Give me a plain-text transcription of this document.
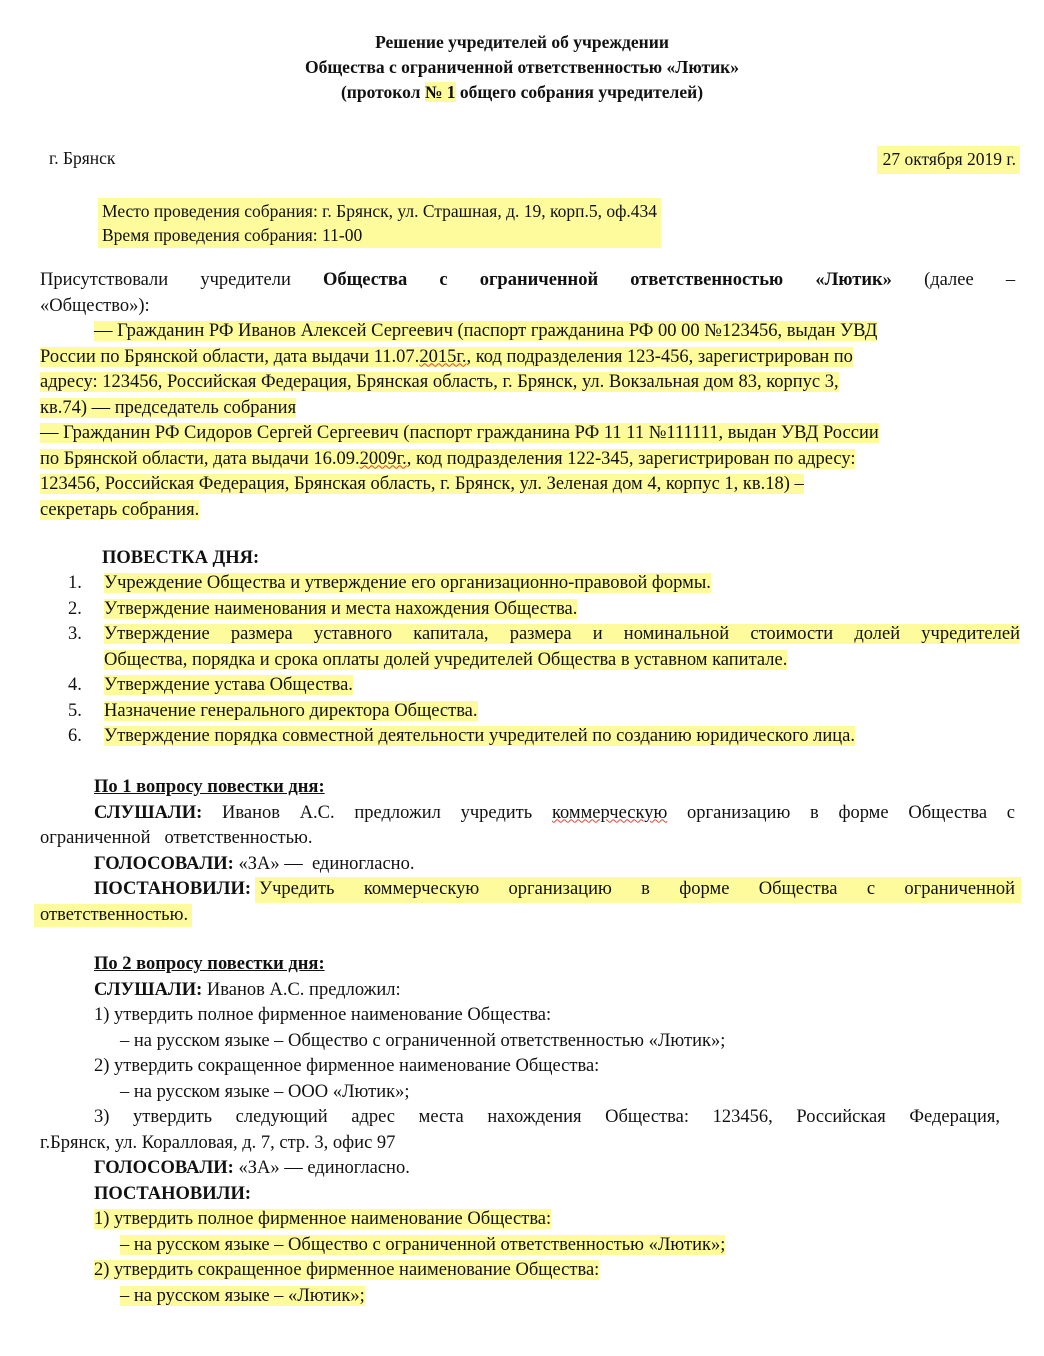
Решение учредителей об учреждении
Общества с ограниченной ответственностью «Лютик»
(протокол № 1 общего собрания учредителей)
г. Брянск	27 октября 2019 г.
Место проведения собрания: г. Брянск, ул. Страшная, д. 19, корп.5, оф.434
Время проведения собрания: 11-00
Присутствовали учредители Общества с ограниченной ответственностью «Лютик» (далее –
«Общество»):
— Гражданин РФ Иванов Алексей Сергеевич (паспорт гражданина РФ 00 00 №123456, выдан УВД
России по Брянской области, дата выдачи 11.07.2015г., код подразделения 123-456, зарегистрирован по
адресу: 123456, Российская Федерация, Брянская область, г. Брянск, ул. Вокзальная дом 83, корпус 3,
кв.74) — председатель собрания
— Гражданин РФ Сидоров Сергей Сергеевич (паспорт гражданина РФ 11 11 №111111, выдан УВД России
по Брянской области, дата выдачи 16.09.2009г., код подразделения 122-345, зарегистрирован по адресу:
123456, Российская Федерация, Брянская область, г. Брянск, ул. Зеленая дом 4, корпус 1, кв.18) –
секретарь собрания.
ПОВЕСТКА ДНЯ:
1.	Учреждение Общества и утверждение его организационно-правовой формы.
2.	Утверждение наименования и места нахождения Общества.
3.	Утверждение размера уставного капитала, размера и номинальной стоимости долей учредителей
Общества, порядка и срока оплаты долей учредителей Общества в уставном капитале.
4.	Утверждение устава Общества.
5.	Назначение генерального директора Общества.
6.	Утверждение порядка совместной деятельности учредителей по созданию юридического лица.
По 1 вопросу повестки дня:
СЛУШАЛИ: Иванов А.С. предложил учредить коммерческую организацию в форме Общества с
ограниченной   ответственностью.
ГОЛОСОВАЛИ: «ЗА» —  единогласно.
ПОСТАНОВИЛИ: Учредить коммерческую организацию в форме Общества с ограниченной
ответственностью.
По 2 вопросу повестки дня:
СЛУШАЛИ: Иванов А.С. предложил:
1) утвердить полное фирменное наименование Общества:
– на русском языке – Общество с ограниченной ответственностью «Лютик»;
2) утвердить сокращенное фирменное наименование Общества:
– на русском языке – ООО «Лютик»;
3) утвердить следующий адрес места нахождения Общества: 123456, Российская Федерация,
г.Брянск, ул. Коралловая, д. 7, стр. 3, офис 97
ГОЛОСОВАЛИ: «ЗА» — единогласно.
ПОСТАНОВИЛИ:
1) утвердить полное фирменное наименование Общества:
– на русском языке – Общество с ограниченной ответственностью «Лютик»;
2) утвердить сокращенное фирменное наименование Общества:
– на русском языке – «Лютик»;
